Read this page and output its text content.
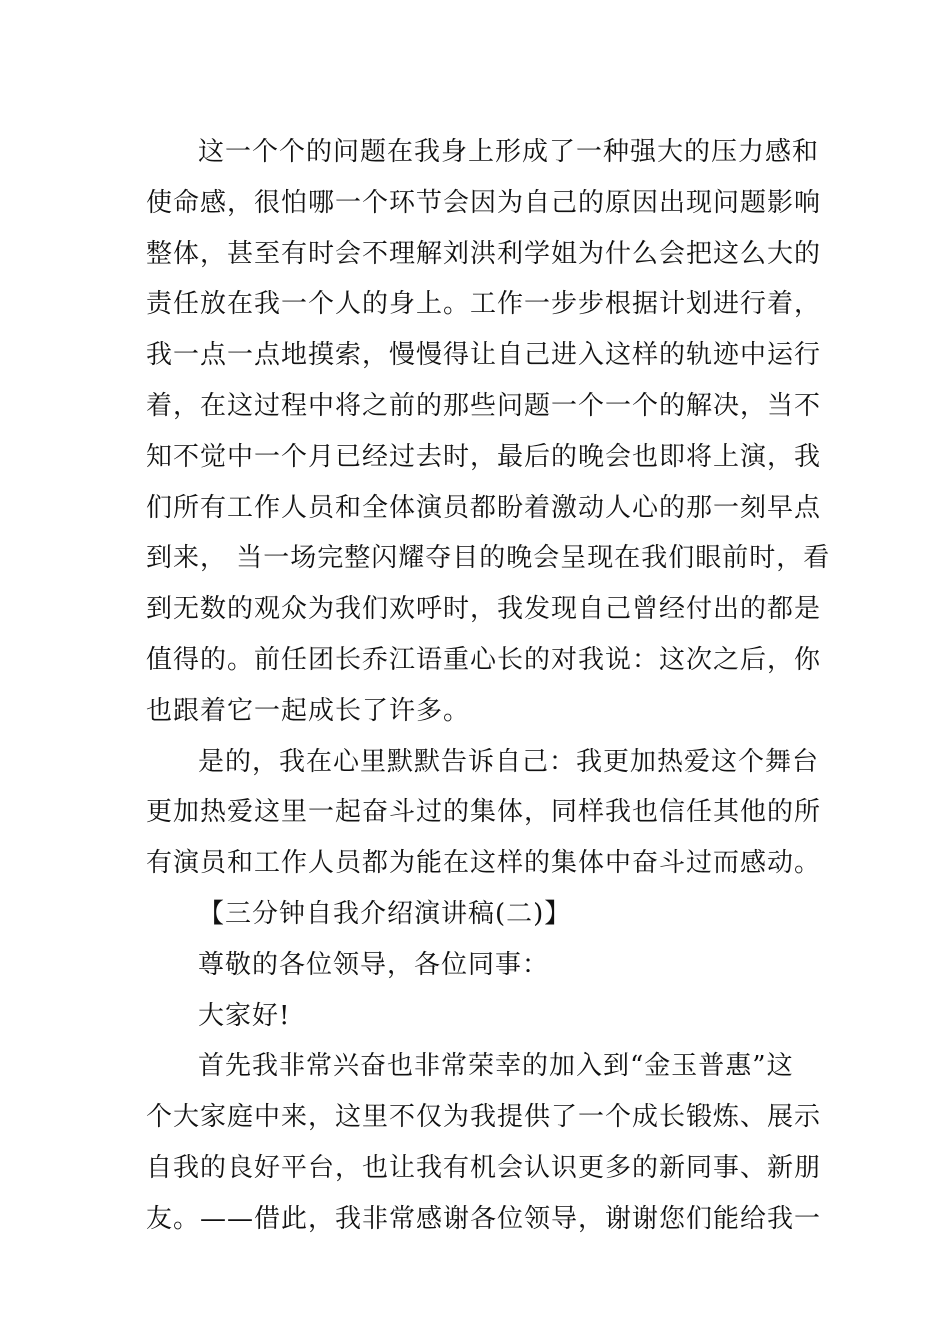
这一个个的问题在我身上形成了一种强大的压力感和
使命感，很怕哪一个环节会因为自己的原因出现问题影响
整体，甚至有时会不理解刘洪利学姐为什么会把这么大的
责任放在我一个人的身上。工作一步步根据计划进行着，
我一点一点地摸索，慢慢得让自己进入这样的轨迹中运行
着，在这过程中将之前的那些问题一个一个的解决，当不
知不觉中一个月已经过去时，最后的晚会也即将上演，我
们所有工作人员和全体演员都盼着激动人心的那一刻早点
到来， 当一场完整闪耀夺目的晚会呈现在我们眼前时，看
到无数的观众为我们欢呼时，我发现自己曾经付出的都是
值得的。前任团长乔江语重心长的对我说：这次之后，你
也跟着它一起成长了许多。
是的，我在心里默默告诉自己：我更加热爱这个舞台
更加热爱这里一起奋斗过的集体，同样我也信任其他的所
有演员和工作人员都为能在这样的集体中奋斗过而感动。
【三分钟自我介绍演讲稿(二)】
尊敬的各位领导，各位同事：
大家好!
首先我非常兴奋也非常荣幸的加入到“金玉普惠”这
个大家庭中来，这里不仅为我提供了一个成长锻炼、展示
自我的良好平台，也让我有机会认识更多的新同事、新朋
友。——借此，我非常感谢各位领导，谢谢您们能给我一
